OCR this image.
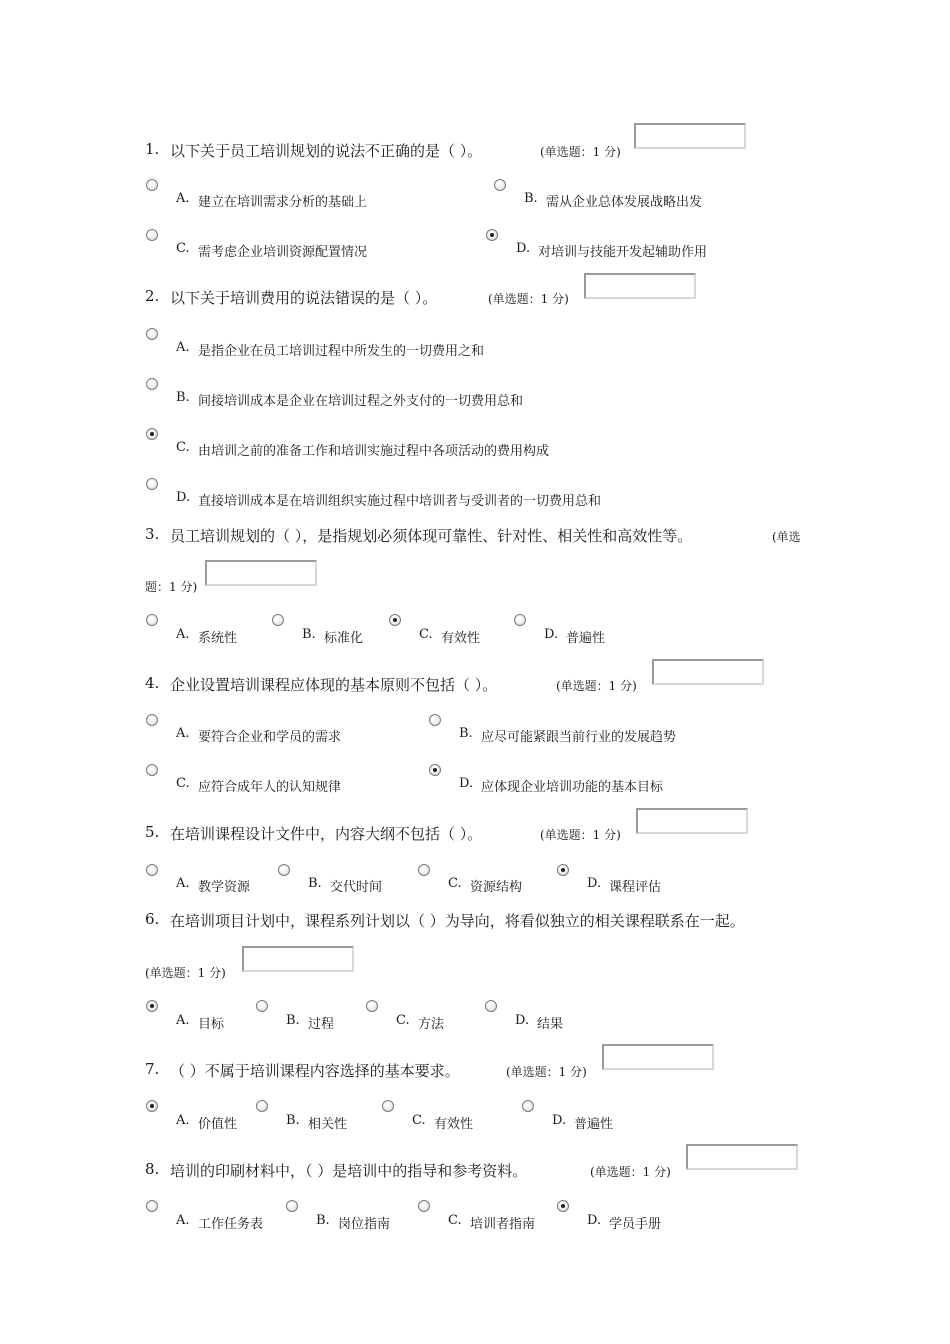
1. 以下关于员工培训规划的说法不正确的是（ ）。	(单选题：1 分)
A. 建立在培训需求分析的基础上	B. 需从企业总体发展战略出发
C. 需考虑企业培训资源配置情况	D. 对培训与技能开发起辅助作用
2. 以下关于培训费用的说法错误的是（ ）。	(单选题：1 分)
A. 是指企业在员工培训过程中所发生的一切费用之和
B. 间接培训成本是企业在培训过程之外支付的一切费用总和
C. 由培训之前的准备工作和培训实施过程中各项活动的费用构成
D. 直接培训成本是在培训组织实施过程中培训者与受训者的一切费用总和
3. 员工培训规划的（ ），是指规划必须体现可靠性、针对性、相关性和高效性等。	(单选
题：1 分)
A. 系统性	B. 标准化	C. 有效性	D. 普遍性
4. 企业设置培训课程应体现的基本原则不包括（ ）。	(单选题：1 分)
A. 要符合企业和学员的需求	B. 应尽可能紧跟当前行业的发展趋势
C. 应符合成年人的认知规律	D. 应体现企业培训功能的基本目标
5. 在培训课程设计文件中，内容大纲不包括（ ）。	(单选题：1 分)
A. 教学资源	B. 交代时间	C. 资源结构	D. 课程评估
6. 在培训项目计划中，课程系列计划以（ ）为导向，将看似独立的相关课程联系在一起。
(单选题：1 分)
A. 目标	B. 过程	C. 方法	D. 结果
7. （ ）不属于培训课程内容选择的基本要求。	(单选题：1 分)
A. 价值性	B. 相关性	C. 有效性	D. 普遍性
8. 培训的印刷材料中，（ ）是培训中的指导和参考资料。	(单选题：1 分)
A. 工作任务表	B. 岗位指南	C. 培训者指南	D. 学员手册
